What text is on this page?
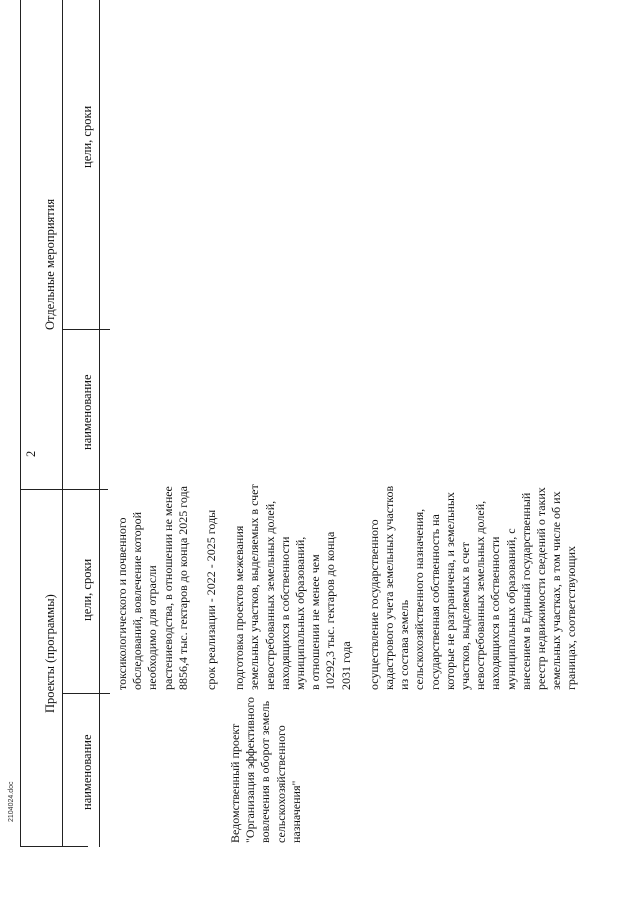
2
Проекты (программы)
Отдельные мероприятия
наименование
цели, сроки
наименование
цели, сроки
Ведомственный проект "Организация эффективного вовлечения в оборот земель сельскохозяйственного назначения"
токсикологического и почвенного обследований, вовлечение которой необходимо для отрасли растениеводства, в отношении не менее 8856,4 тыс. гектаров до конца 2025 года срок реализации - 2022 - 2025 годы подготовка проектов межевания земельных участков, выделяемых в счет невостребованных земельных долей, находящихся в собственности муниципальных образований, в отношении не менее чем 10292,3 тыс. гектаров до конца 2031 года осуществление государственного кадастрового учета земельных участков из состава земель сельскохозяйственного назначения, государственная собственность на которые не разграничена, и земельных участков, выделяемых в счет невостребованных земельных долей, находящихся в собственности муниципальных образований, с внесением в Единый государственный реестр недвижимости сведений о таких земельных участках, в том числе об их границах, соответствующих
2104024.doc
